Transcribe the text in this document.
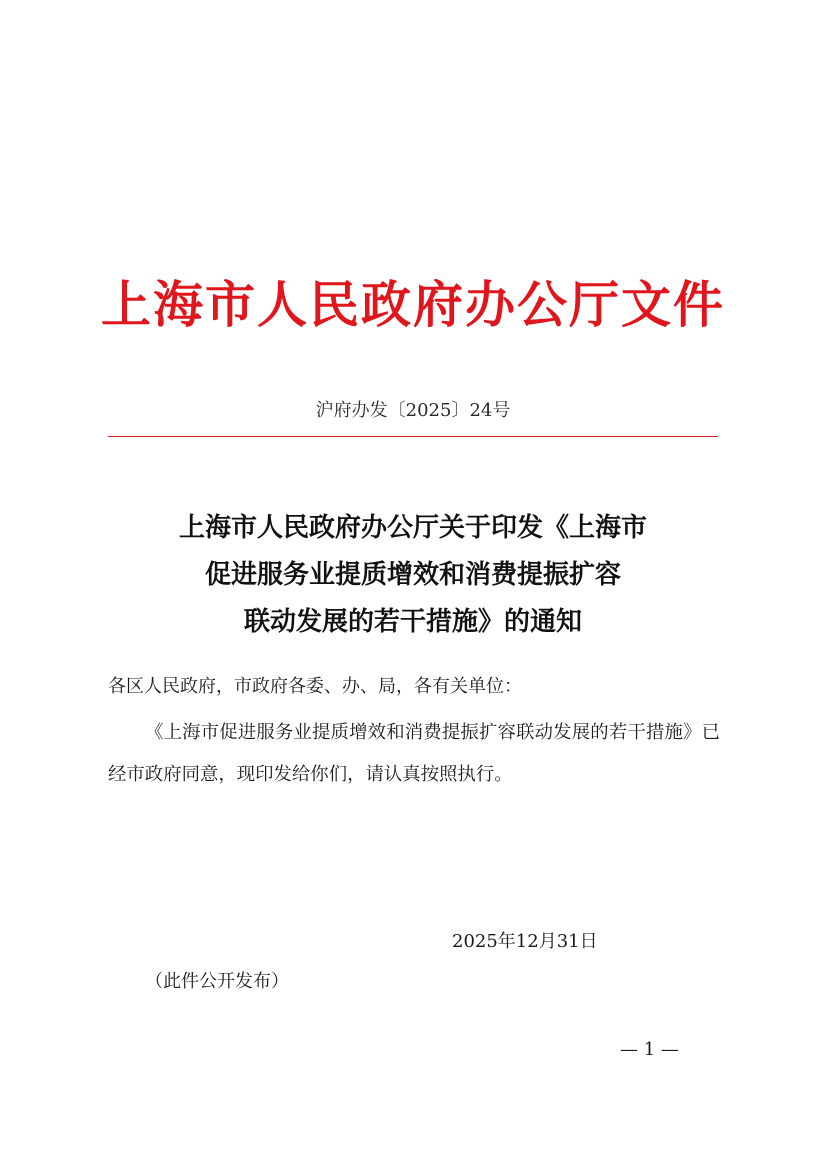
上海市人民政府办公厅文件
沪府办发〔2025〕24号
上海市人民政府办公厅关于印发《上海市
促进服务业提质增效和消费提振扩容
联动发展的若干措施》的通知
各区人民政府，市政府各委、办、局，各有关单位：
《上海市促进服务业提质增效和消费提振扩容联动发展的若干措施》已经市政府同意，现印发给你们，请认真按照执行。
2025年12月31日
（此件公开发布）
— 1 —
